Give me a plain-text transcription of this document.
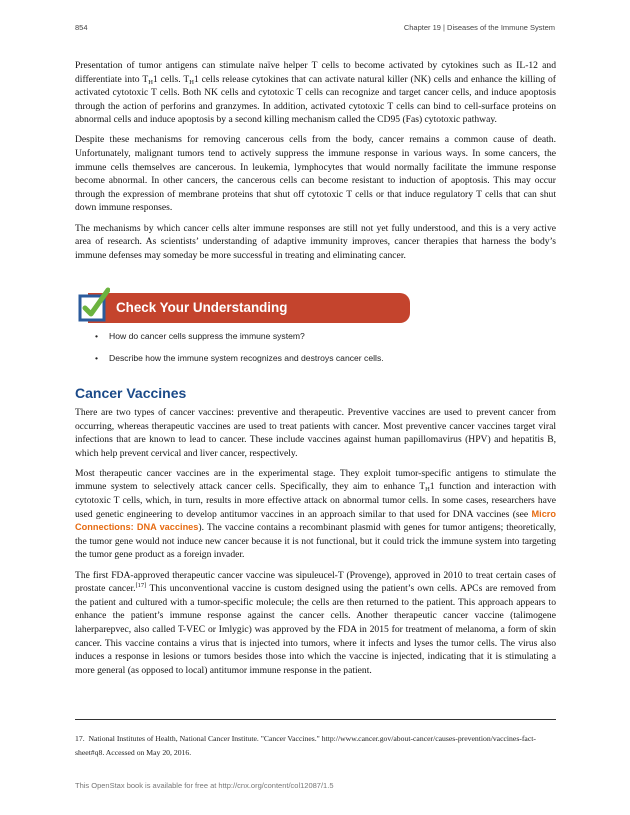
854	Chapter 19 | Diseases of the Immune System

Presentation of tumor antigens can stimulate naïve helper T cells to become activated by cytokines such as IL-12 and differentiate into $T_H1$ cells. $T_H1$ cells release cytokines that can activate natural killer (NK) cells and enhance the killing of activated cytotoxic T cells. Both NK cells and cytotoxic T cells can recognize and target cancer cells, and induce apoptosis through the action of perforins and granzymes. In addition, activated cytotoxic T cells can bind to cell-surface proteins on abnormal cells and induce apoptosis by a second killing mechanism called the CD95 (Fas) cytotoxic pathway.

Despite these mechanisms for removing cancerous cells from the body, cancer remains a common cause of death. Unfortunately, malignant tumors tend to actively suppress the immune response in various ways. In some cancers, the immune cells themselves are cancerous. In leukemia, lymphocytes that would normally facilitate the immune response become abnormal. In other cancers, the cancerous cells can become resistant to induction of apoptosis. This may occur through the expression of membrane proteins that shut off cytotoxic T cells or that induce regulatory T cells that can shut down immune responses.

The mechanisms by which cancer cells alter immune responses are still not yet fully understood, and this is a very active area of research. As scientists’ understanding of adaptive immunity improves, cancer therapies that harness the body’s immune defenses may someday be more successful in treating and eliminating cancer.

Check Your Understanding
• How do cancer cells suppress the immune system?
• Describe how the immune system recognizes and destroys cancer cells.
Cancer Vaccines

There are two types of cancer vaccines: preventive and therapeutic. Preventive vaccines are used to prevent cancer from occurring, whereas therapeutic vaccines are used to treat patients with cancer. Most preventive cancer vaccines target viral infections that are known to lead to cancer. These include vaccines against human papillomavirus (HPV) and hepatitis B, which help prevent cervical and liver cancer, respectively.

Most therapeutic cancer vaccines are in the experimental stage. They exploit tumor-specific antigens to stimulate the immune system to selectively attack cancer cells. Specifically, they aim to enhance $T_H1$ function and interaction with cytotoxic T cells, which, in turn, results in more effective attack on abnormal tumor cells. In some cases, researchers have used genetic engineering to develop antitumor vaccines in an approach similar to that used for DNA vaccines (see Micro Connections: DNA vaccines). The vaccine contains a recombinant plasmid with genes for tumor antigens; theoretically, the tumor gene would not induce new cancer because it is not functional, but it could trick the immune system into targeting the tumor gene product as a foreign invader.

The first FDA-approved therapeutic cancer vaccine was sipuleucel-T (Provenge), approved in 2010 to treat certain cases of prostate cancer.[17] This unconventional vaccine is custom designed using the patient’s own cells. APCs are removed from the patient and cultured with a tumor-specific molecule; the cells are then returned to the patient. This approach appears to enhance the patient’s immune response against the cancer cells. Another therapeutic cancer vaccine (talimogene laherparepvec, also called T-VEC or Imlygic) was approved by the FDA in 2015 for treatment of melanoma, a form of skin cancer. This vaccine contains a virus that is injected into tumors, where it infects and lyses the tumor cells. The virus also induces a response in lesions or tumors besides those into which the vaccine is injected, indicating that it is stimulating a more general (as opposed to local) antitumor immune response in the patient.

17. National Institutes of Health, National Cancer Institute. "Cancer Vaccines." http://www.cancer.gov/about-cancer/causes-prevention/vaccines-fact-sheet#q8. Accessed on May 20, 2016.
This OpenStax book is available for free at http://cnx.org/content/col12087/1.5
